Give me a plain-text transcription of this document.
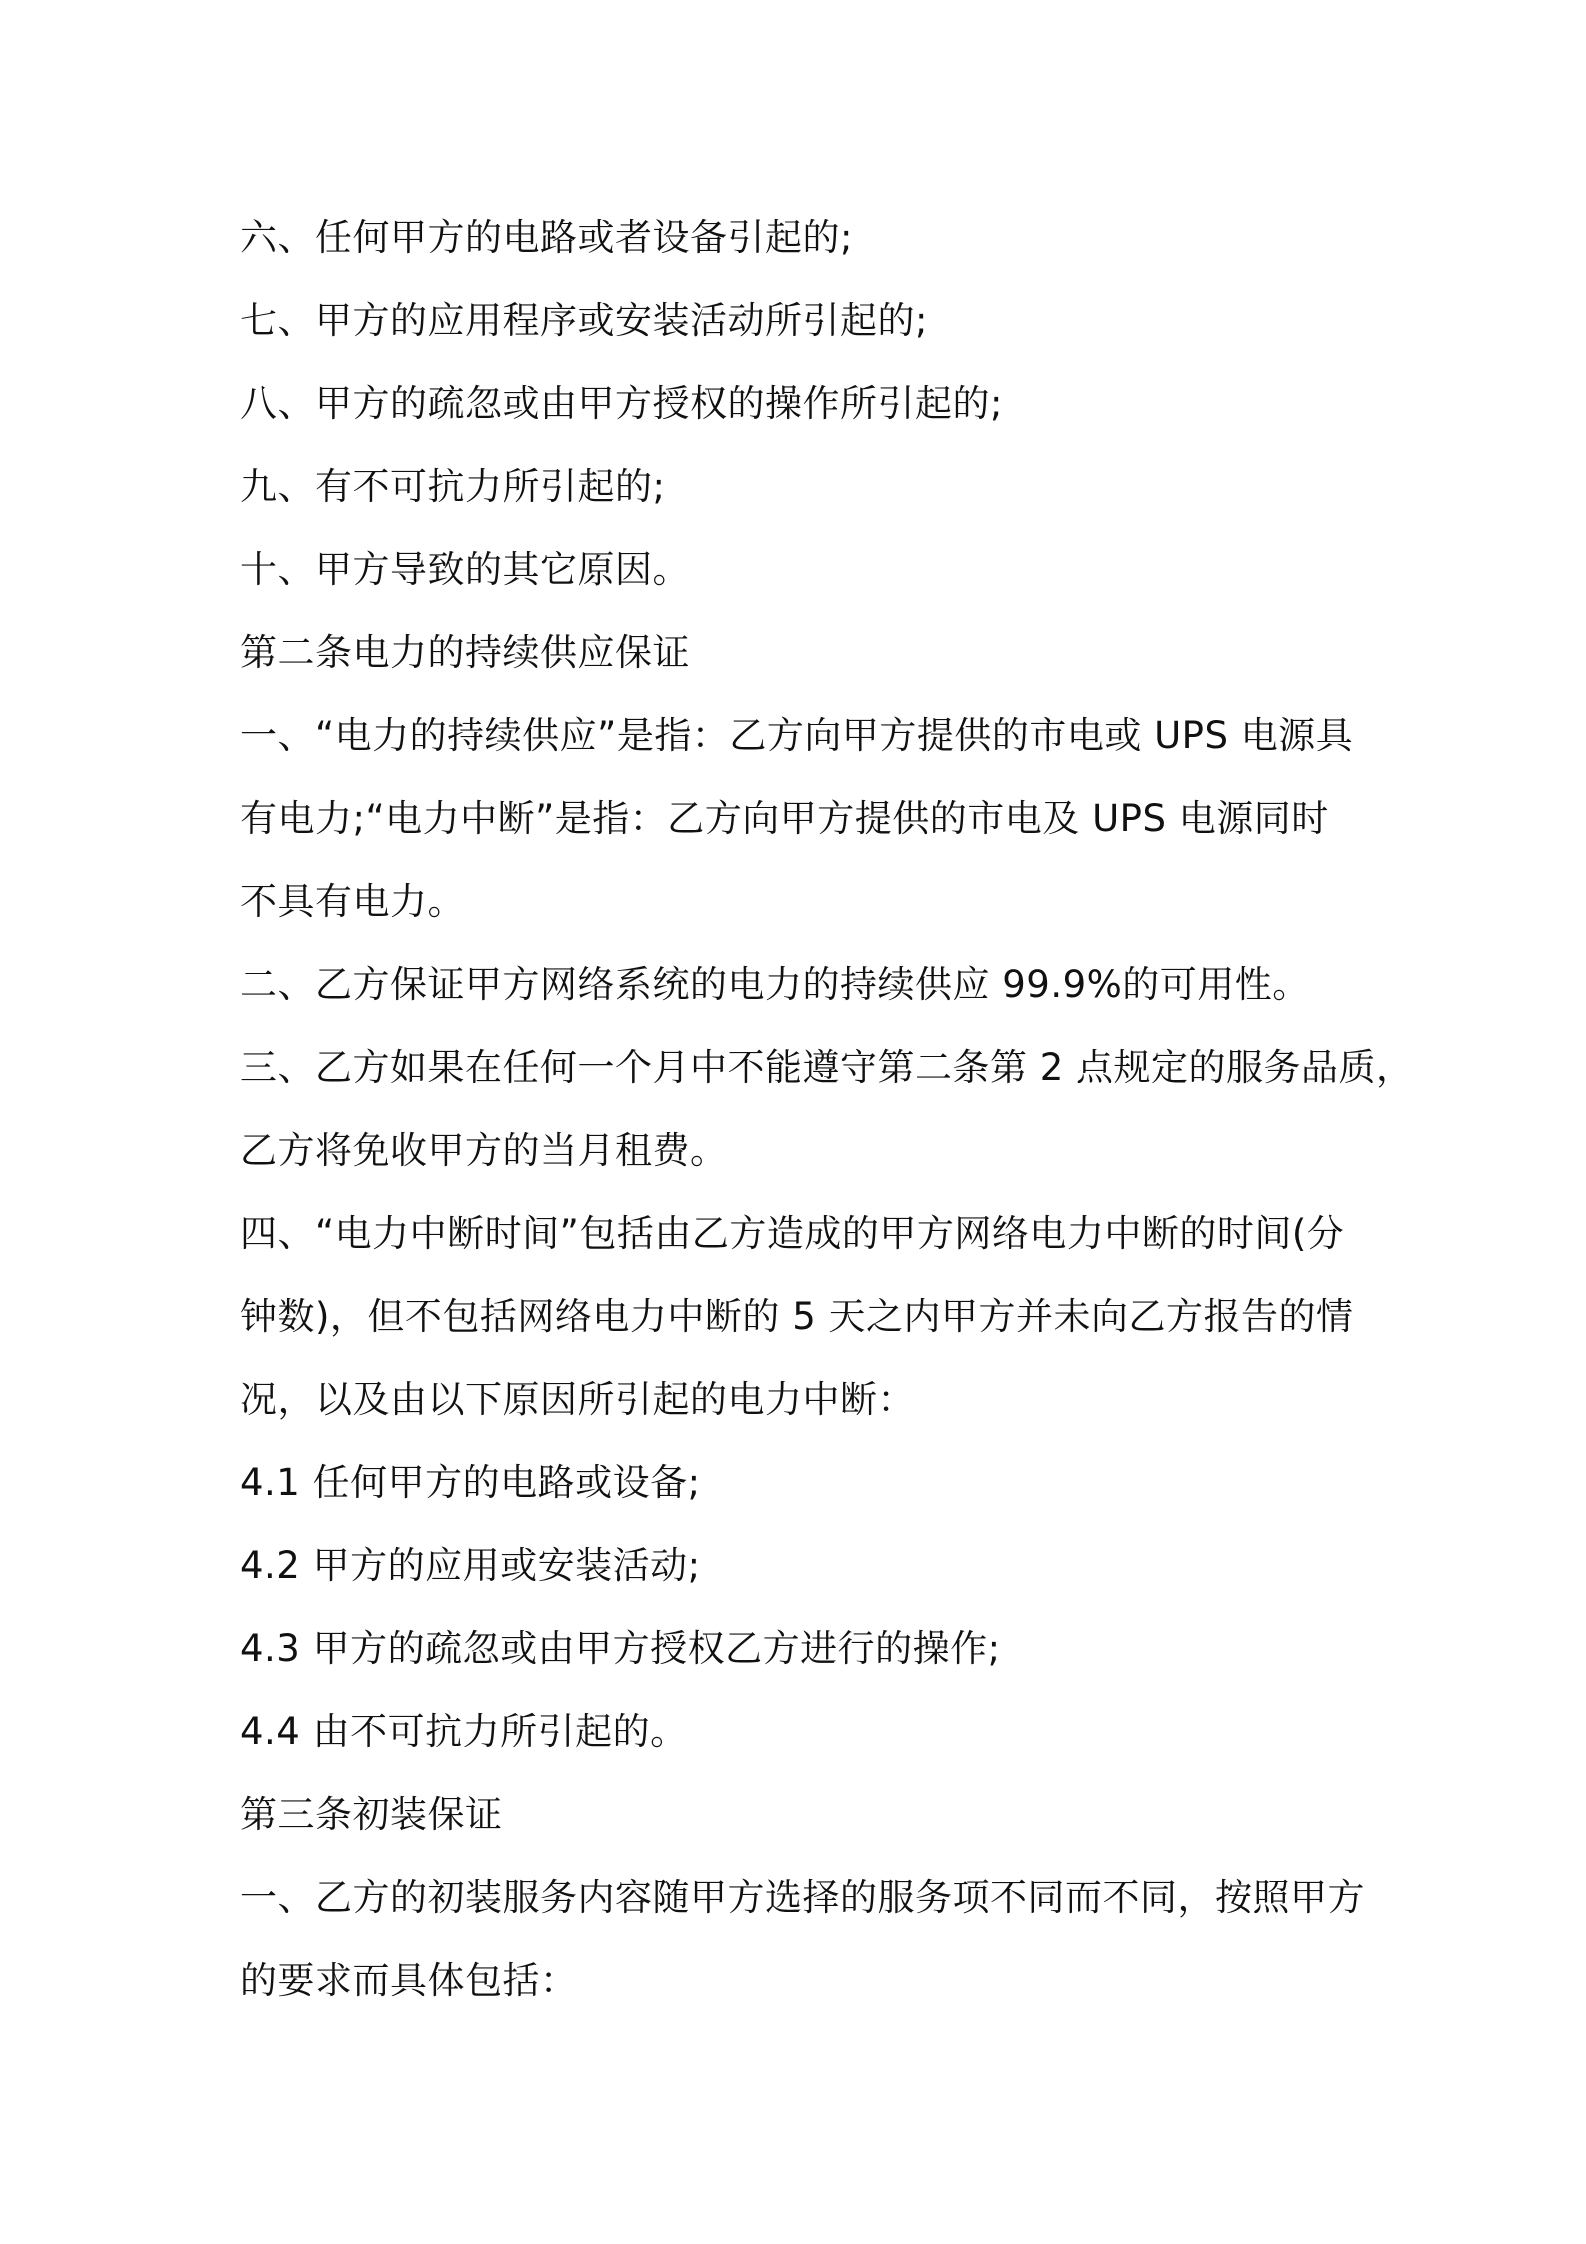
六、任何甲方的电路或者设备引起的;
七、甲方的应用程序或安装活动所引起的;
八、甲方的疏忽或由甲方授权的操作所引起的;
九、有不可抗力所引起的;
十、甲方导致的其它原因。
第二条电力的持续供应保证
一、“电力的持续供应”是指：乙方向甲方提供的市电或 UPS 电源具
有电力;“电力中断”是指：乙方向甲方提供的市电及 UPS 电源同时
不具有电力。
二、乙方保证甲方网络系统的电力的持续供应 99.9%的可用性。
三、乙方如果在任何一个月中不能遵守第二条第 2 点规定的服务品质，
乙方将免收甲方的当月租费。
四、“电力中断时间”包括由乙方造成的甲方网络电力中断的时间(分
钟数)，但不包括网络电力中断的 5 天之内甲方并未向乙方报告的情
况，以及由以下原因所引起的电力中断：
4.1 任何甲方的电路或设备;
4.2 甲方的应用或安装活动;
4.3 甲方的疏忽或由甲方授权乙方进行的操作;
4.4 由不可抗力所引起的。
第三条初装保证
一、乙方的初装服务内容随甲方选择的服务项不同而不同，按照甲方
的要求而具体包括：
